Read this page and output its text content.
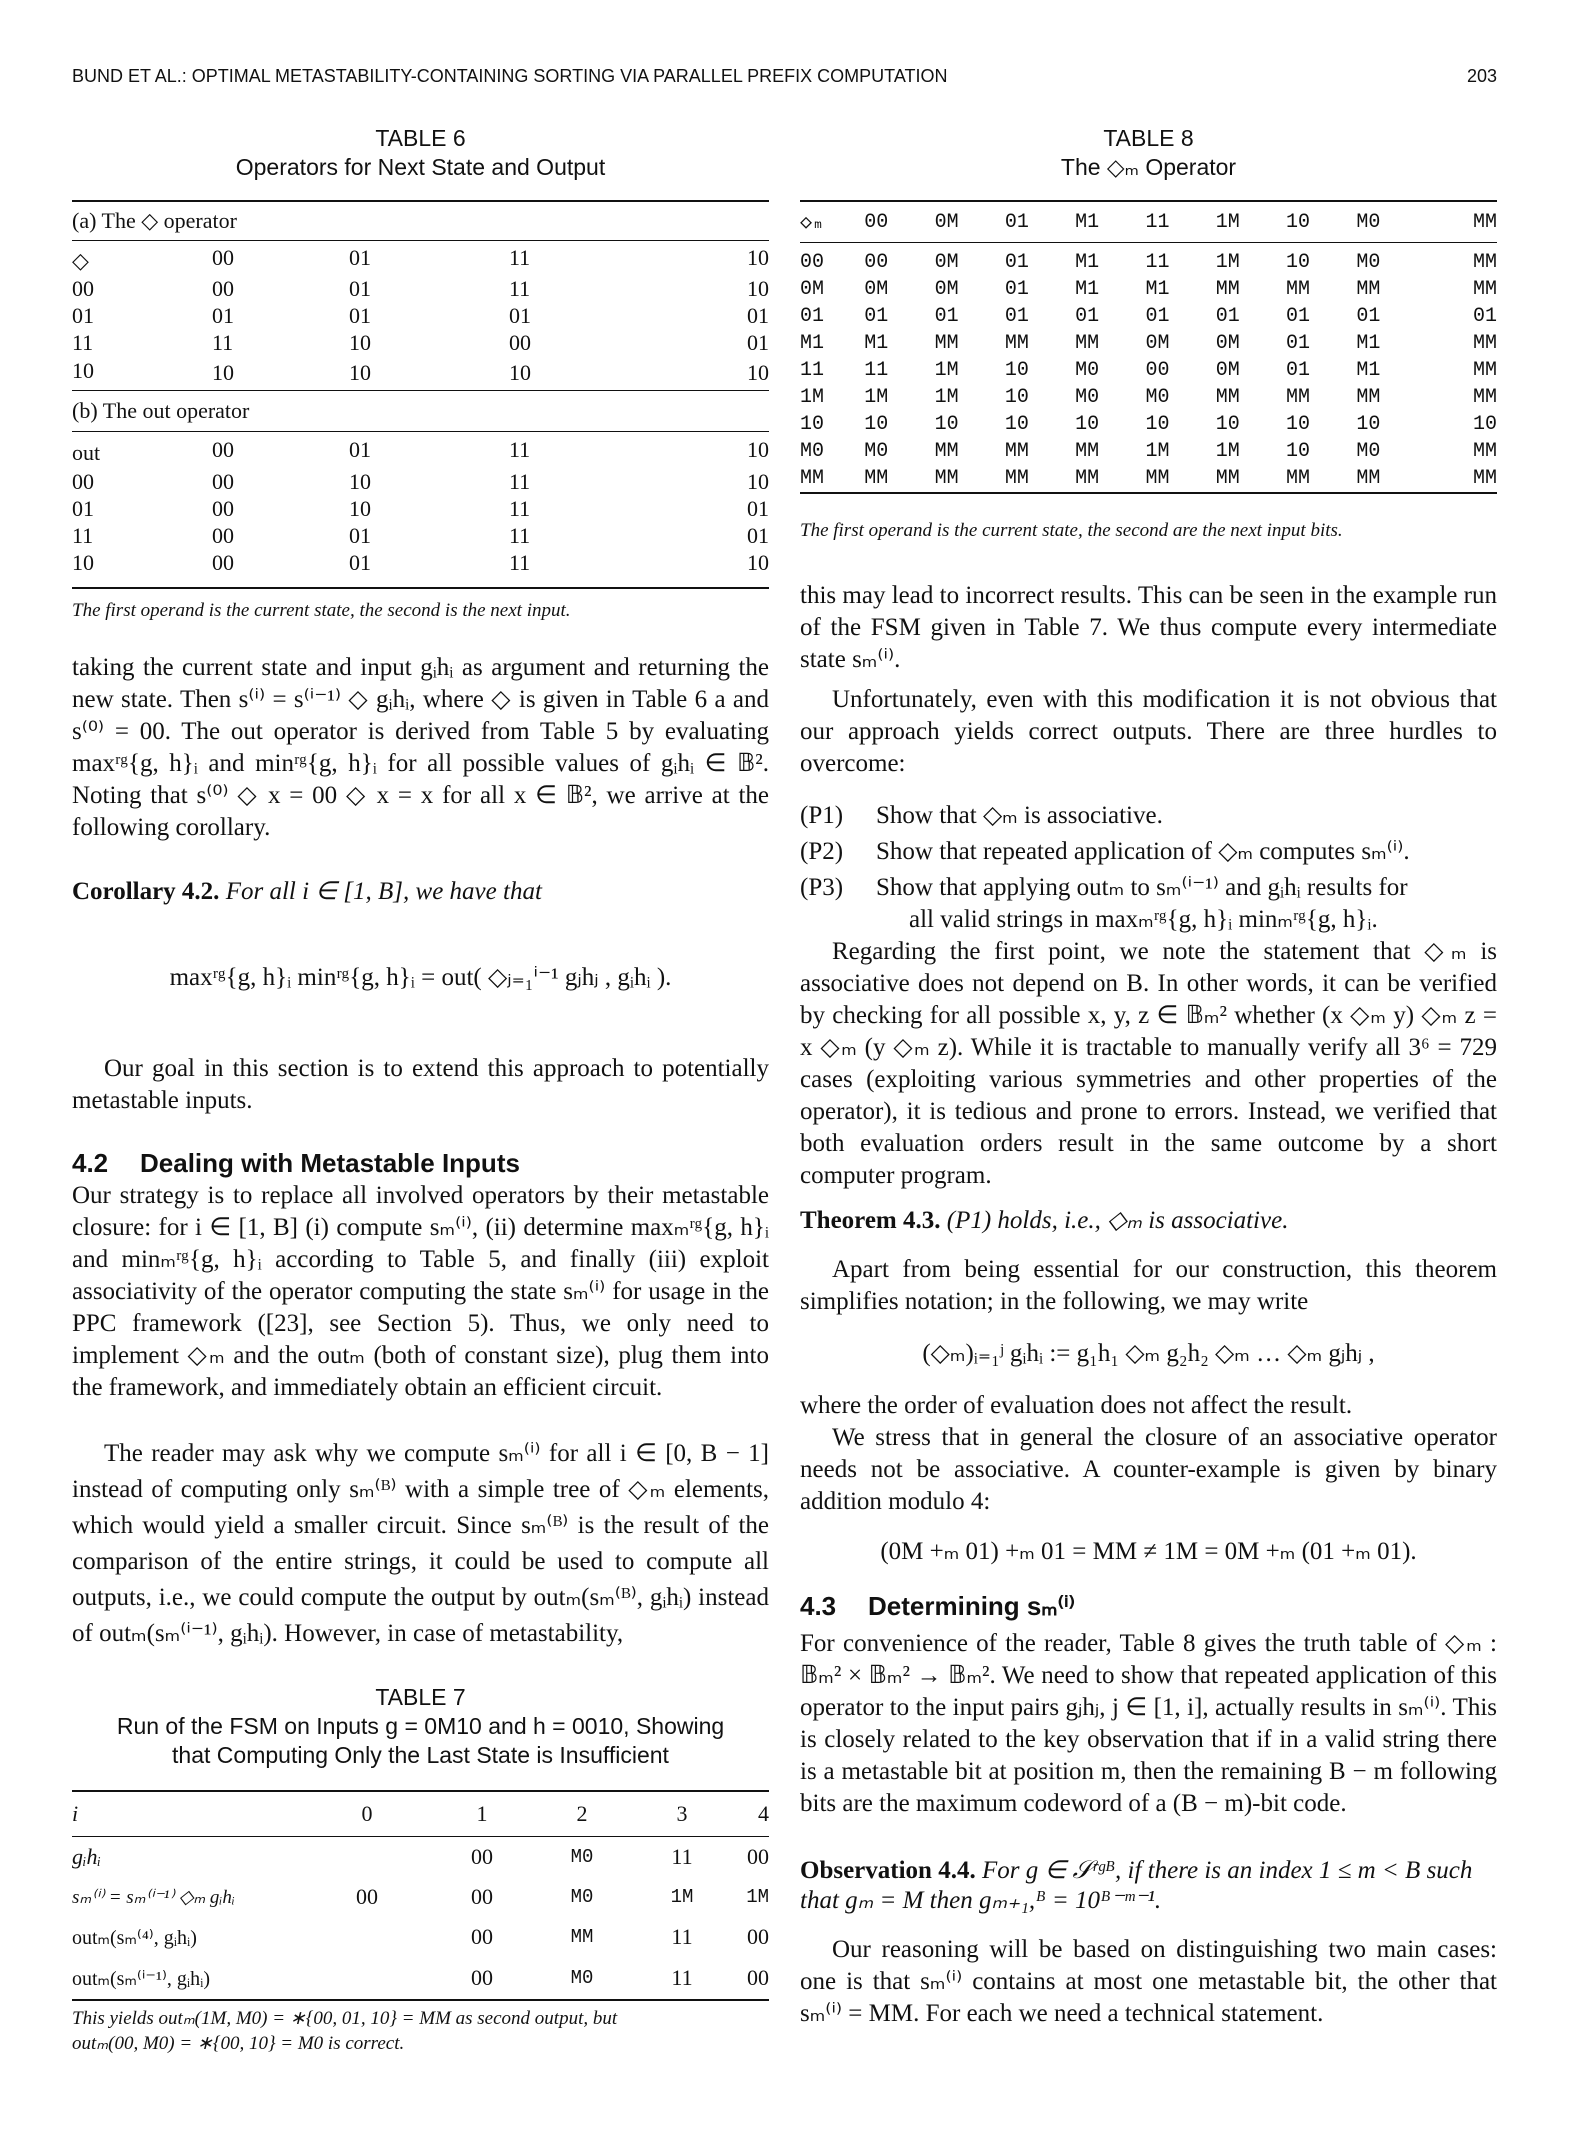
BUND ET AL.: OPTIMAL METASTABILITY-CONTAINING SORTING VIA PARALLEL PREFIX COMPUTATION	203
TABLE 6
Operators for Next State and Output
(a) The ◇ operator				
◇	00	01	11	10
00	00	01	11	10
01	01	01	01	01
11	11	10	00	01
10	10	10	10	10
(b) The out operator				
out	00	01	11	10
00	00	10	11	10
01	00	10	11	01
11	00	01	11	01
10	00	01	11	10
The first operand is the current state, the second is the next input.

taking the current state and input gᵢhᵢ as argument and returning the new state. Then s⁽ⁱ⁾ = s⁽ⁱ⁻¹⁾ ◇ gᵢhᵢ, where ◇ is given in Table 6 a and s⁽⁰⁾ = 00. The out operator is derived from Table 5 by evaluating maxʳᵍ{g, h}ᵢ and minʳᵍ{g, h}ᵢ for all possible values of gᵢhᵢ ∈ 𝔹². Noting that s⁽⁰⁾ ◇ x = 00 ◇ x = x for all x ∈ 𝔹², we arrive at the following corollary.

Corollary 4.2. For all i ∈ [1, B], we have that
maxʳᵍ{g, h}ᵢ minʳᵍ{g, h}ᵢ = out( ◇ⱼ₌₁ⁱ⁻¹ gⱼhⱼ , gᵢhᵢ ).

Our goal in this section is to extend this approach to potentially metastable inputs.

4.2 Dealing with Metastable Inputs

Our strategy is to replace all involved operators by their metastable closure: for i ∈ [1, B] (i) compute sₘ⁽ⁱ⁾, (ii) determine maxₘʳᵍ{g, h}ᵢ and minₘʳᵍ{g, h}ᵢ according to Table 5, and finally (iii) exploit associativity of the operator computing the state sₘ⁽ⁱ⁾ for usage in the PPC framework ([23], see Section 5). Thus, we only need to implement ◇ₘ and the outₘ (both of constant size), plug them into the framework, and immediately obtain an efficient circuit.

The reader may ask why we compute sₘ⁽ⁱ⁾ for all i ∈ [0, B − 1] instead of computing only sₘ⁽ᴮ⁾ with a simple tree of ◇ₘ elements, which would yield a smaller circuit. Since sₘ⁽ᴮ⁾ is the result of the comparison of the entire strings, it could be used to compute all outputs, i.e., we could compute the output by outₘ(sₘ⁽ᴮ⁾, gᵢhᵢ) instead of outₘ(sₘ⁽ⁱ⁻¹⁾, gᵢhᵢ). However, in case of metastability,

TABLE 7
Run of the FSM on Inputs g = 0M10 and h = 0010, Showing
that Computing Only the Last State is Insufficient
i	0	1	2	3	4
gᵢhᵢ		00	M0	11	00
sₘ⁽ⁱ⁾ = sₘ⁽ⁱ⁻¹⁾ ◇ₘ gᵢhᵢ	00	00	M0	1M	1M
outₘ(sₘ⁽⁴⁾, gᵢhᵢ)		00	MM	11	00
outₘ(sₘ⁽ⁱ⁻¹⁾, gᵢhᵢ)		00	M0	11	00
This yields outₘ(1M, M0) = ∗{00, 01, 10} = MM as second output, but
outₘ(00, M0) = ∗{00, 10} = M0 is correct.
TABLE 8
The ◇ₘ Operator
◇ₘ	00	0M	01	M1	11	1M	10	M0	MM
00	00	0M	01	M1	11	1M	10	M0	MM
0M	0M	0M	01	M1	M1	MM	MM	MM	MM
01	01	01	01	01	01	01	01	01	01
M1	M1	MM	MM	MM	0M	0M	01	M1	MM
11	11	1M	10	M0	00	0M	01	M1	MM
1M	1M	1M	10	M0	M0	MM	MM	MM	MM
10	10	10	10	10	10	10	10	10	10
M0	M0	MM	MM	MM	1M	1M	10	M0	MM
MM	MM	MM	MM	MM	MM	MM	MM	MM	MM
The first operand is the current state, the second are the next input bits.

this may lead to incorrect results. This can be seen in the example run of the FSM given in Table 7. We thus compute every intermediate state sₘ⁽ⁱ⁾.

Unfortunately, even with this modification it is not obvious that our approach yields correct outputs. There are three hurdles to overcome:

(P1) Show that ◇ₘ is associative.
(P2) Show that repeated application of ◇ₘ computes sₘ⁽ⁱ⁾.
(P3) Show that applying outₘ to sₘ⁽ⁱ⁻¹⁾ and gᵢhᵢ results for
all valid strings in maxₘʳᵍ{g, h}ᵢ minₘʳᵍ{g, h}ᵢ.

Regarding the first point, we note the statement that ◇ₘ is associative does not depend on B. In other words, it can be verified by checking for all possible x, y, z ∈ 𝔹ₘ² whether (x ◇ₘ y) ◇ₘ z = x ◇ₘ (y ◇ₘ z). While it is tractable to manually verify all 3⁶ = 729 cases (exploiting various symmetries and other properties of the operator), it is tedious and prone to errors. Instead, we verified that both evaluation orders result in the same outcome by a short computer program.

Theorem 4.3. (P1) holds, i.e., ◇ₘ is associative.

Apart from being essential for our construction, this theorem simplifies notation; in the following, we may write

(◇ₘ)ᵢ₌₁ʲ gᵢhᵢ := g₁h₁ ◇ₘ g₂h₂ ◇ₘ … ◇ₘ gⱼhⱼ ,

where the order of evaluation does not affect the result.

We stress that in general the closure of an associative operator needs not be associative. A counter-example is given by binary addition modulo 4:

(0M +ₘ 01) +ₘ 01 = MM ≠ 1M = 0M +ₘ (01 +ₘ 01).
4.3 Determining sₘ⁽ⁱ⁾

For convenience of the reader, Table 8 gives the truth table of ◇ₘ : 𝔹ₘ² × 𝔹ₘ² → 𝔹ₘ². We need to show that repeated application of this operator to the input pairs gⱼhⱼ, j ∈ [1, i], actually results in sₘ⁽ⁱ⁾. This is closely related to the key observation that if in a valid string there is a metastable bit at position m, then the remaining B − m following bits are the maximum codeword of a (B − m)-bit code.

Observation 4.4. For g ∈ 𝒮ʳᵍᴮ, if there is an index 1 ≤ m < B such that gₘ = M then gₘ₊₁,ᴮ = 10ᴮ⁻ᵐ⁻¹.

Our reasoning will be based on distinguishing two main cases: one is that sₘ⁽ⁱ⁾ contains at most one metastable bit, the other that sₘ⁽ⁱ⁾ = MM. For each we need a technical statement.
